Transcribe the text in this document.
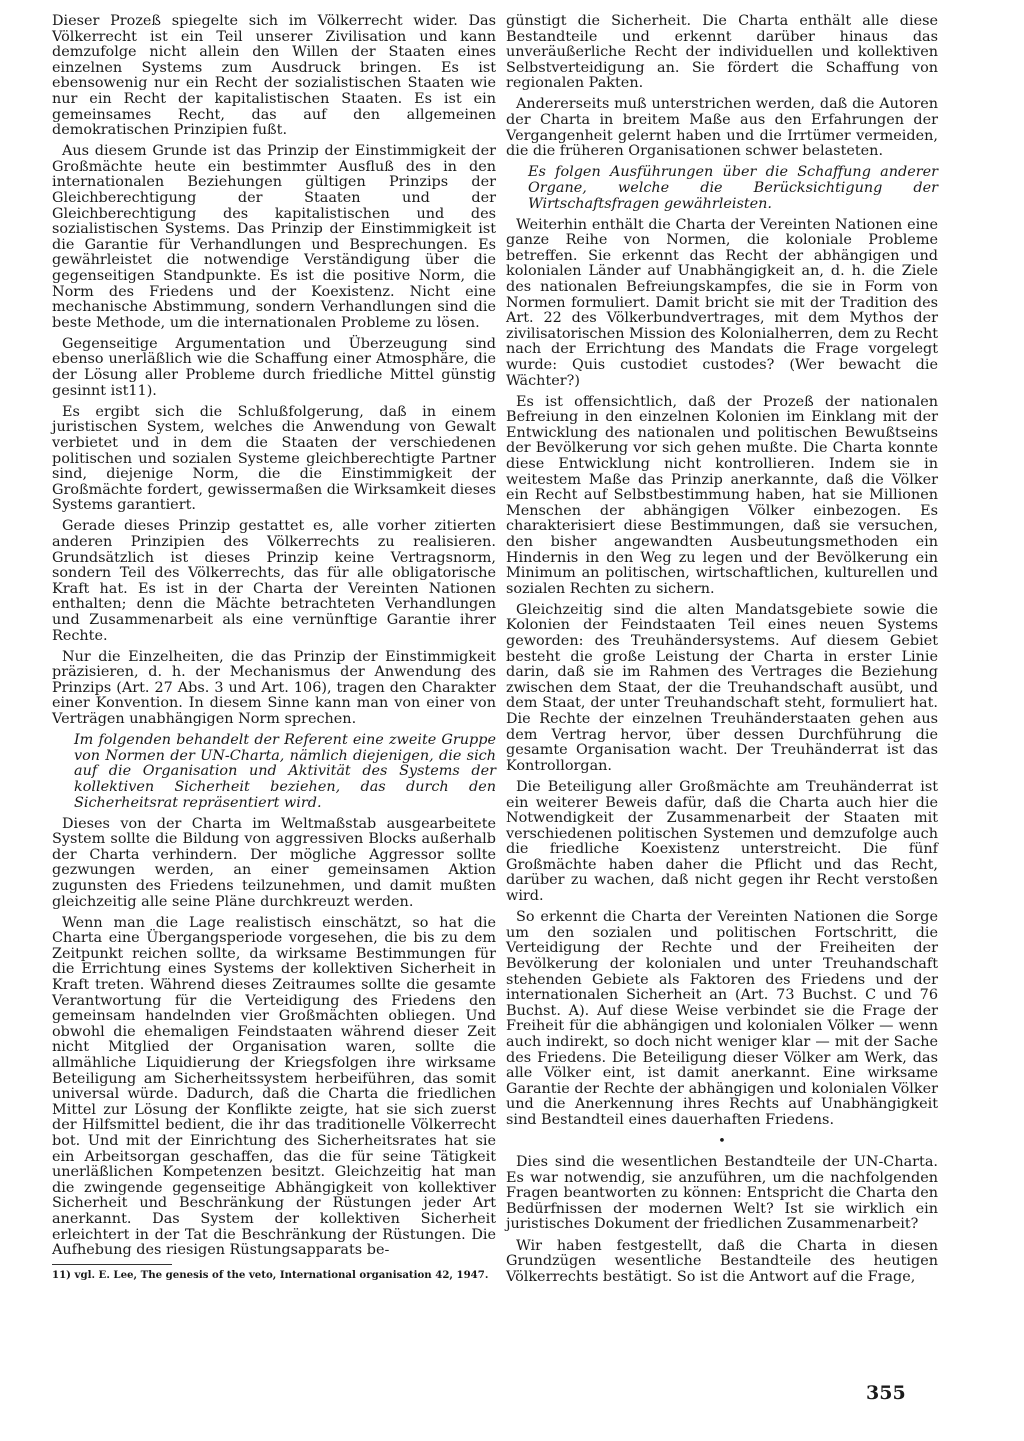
Dieser Prozeß spiegelte sich im Völkerrecht wider. Das Völkerrecht ist ein Teil unserer Zivilisation und kann demzufolge nicht allein den Willen der Staaten eines einzelnen Systems zum Ausdruck bringen. Es ist ebensowenig nur ein Recht der sozialistischen Staaten wie nur ein Recht der kapitalistischen Staaten. Es ist ein gemeinsames Recht, das auf den allgemeinen demokratischen Prinzipien fußt.

Aus diesem Grunde ist das Prinzip der Einstimmigkeit der Großmächte heute ein bestimmter Ausfluß des in den internationalen Beziehungen gültigen Prinzips der Gleichberechtigung der Staaten und der Gleichberechtigung des kapitalistischen und des sozialistischen Systems. Das Prinzip der Einstimmigkeit ist die Garantie für Verhandlungen und Besprechungen. Es gewährleistet die notwendige Verständigung über die gegenseitigen Standpunkte. Es ist die positive Norm, die Norm des Friedens und der Koexistenz. Nicht eine mechanische Abstimmung, sondern Verhandlungen sind die beste Methode, um die internationalen Probleme zu lösen.

Gegenseitige Argumentation und Überzeugung sind ebenso unerläßlich wie die Schaffung einer Atmosphäre, die der Lösung aller Probleme durch friedliche Mittel günstig gesinnt ist11).

Es ergibt sich die Schlußfolgerung, daß in einem juristischen System, welches die Anwendung von Gewalt verbietet und in dem die Staaten der verschiedenen politischen und sozialen Systeme gleichberechtigte Partner sind, diejenige Norm, die die Einstimmigkeit der Großmächte fordert, gewissermaßen die Wirksamkeit dieses Systems garantiert.

Gerade dieses Prinzip gestattet es, alle vorher zitierten anderen Prinzipien des Völkerrechts zu realisieren. Grundsätzlich ist dieses Prinzip keine Vertragsnorm, sondern Teil des Völkerrechts, das für alle obligatorische Kraft hat. Es ist in der Charta der Vereinten Nationen enthalten; denn die Mächte betrachteten Verhandlungen und Zusammenarbeit als eine vernünftige Garantie ihrer Rechte.

Nur die Einzelheiten, die das Prinzip der Einstimmigkeit präzisieren, d. h. der Mechanismus der Anwendung des Prinzips (Art. 27 Abs. 3 und Art. 106), tragen den Charakter einer Konvention. In diesem Sinne kann man von einer von Verträgen unabhängigen Norm sprechen.

Im folgenden behandelt der Referent eine zweite Gruppe von Normen der UN-Charta, nämlich diejenigen, die sich auf die Organisation und Aktivität des Systems der kollektiven Sicherheit beziehen, das durch den Sicherheitsrat repräsentiert wird.

Dieses von der Charta im Weltmaßstab ausgearbeitete System sollte die Bildung von aggressiven Blocks außerhalb der Charta verhindern. Der mögliche Aggressor sollte gezwungen werden, an einer gemeinsamen Aktion zugunsten des Friedens teilzunehmen, und damit mußten gleichzeitig alle seine Pläne durchkreuzt werden.

Wenn man die Lage realistisch einschätzt, so hat die Charta eine Übergangsperiode vorgesehen, die bis zu dem Zeitpunkt reichen sollte, da wirksame Bestimmungen für die Errichtung eines Systems der kollektiven Sicherheit in Kraft treten. Während dieses Zeitraumes sollte die gesamte Verantwortung für die Verteidigung des Friedens den gemeinsam handelnden vier Großmächten obliegen. Und obwohl die ehemaligen Feindstaaten während dieser Zeit nicht Mitglied der Organisation waren, sollte die allmähliche Liquidierung der Kriegsfolgen ihre wirksame Beteiligung am Sicherheitssystem herbeiführen, das somit universal würde. Dadurch, daß die Charta die friedlichen Mittel zur Lösung der Konflikte zeigte, hat sie sich zuerst der Hilfsmittel bedient, die ihr das traditionelle Völkerrecht bot. Und mit der Einrichtung des Sicherheitsrates hat sie ein Arbeitsorgan geschaffen, das die für seine Tätigkeit unerläßlichen Kompetenzen besitzt. Gleichzeitig hat man die zwingende gegenseitige Abhängigkeit von kollektiver Sicherheit und Beschränkung der Rüstungen jeder Art anerkannt. Das System der kollektiven Sicherheit erleichtert in der Tat die Beschränkung der Rüstungen. Die Aufhebung des riesigen Rüstungsapparats be-

11) vgl. E. Lee, The genesis of the veto, International organisation 42, 1947.

günstigt die Sicherheit. Die Charta enthält alle diese Bestandteile und erkennt darüber hinaus das unveräußerliche Recht der individuellen und kollektiven Selbstverteidigung an. Sie fördert die Schaffung von regionalen Pakten.

Andererseits muß unterstrichen werden, daß die Autoren der Charta in breitem Maße aus den Erfahrungen der Vergangenheit gelernt haben und die Irrtümer vermeiden, die die früheren Organisationen schwer belasteten.

Es folgen Ausführungen über die Schaffung anderer Organe, welche die Berücksichtigung der Wirtschaftsfragen gewährleisten.

Weiterhin enthält die Charta der Vereinten Nationen eine ganze Reihe von Normen, die koloniale Probleme betreffen. Sie erkennt das Recht der abhängigen und kolonialen Länder auf Unabhängigkeit an, d. h. die Ziele des nationalen Befreiungskampfes, die sie in Form von Normen formuliert. Damit bricht sie mit der Tradition des Art. 22 des Völkerbundvertrages, mit dem Mythos der zivilisatorischen Mission des Kolonialherren, dem zu Recht nach der Errichtung des Mandats die Frage vorgelegt wurde: Quis custodiet custodes? (Wer bewacht die Wächter?)

Es ist offensichtlich, daß der Prozeß der nationalen Befreiung in den einzelnen Kolonien im Einklang mit der Entwicklung des nationalen und politischen Bewußtseins der Bevölkerung vor sich gehen mußte. Die Charta konnte diese Entwicklung nicht kontrollieren. Indem sie in weitestem Maße das Prinzip anerkannte, daß die Völker ein Recht auf Selbstbestimmung haben, hat sie Millionen Menschen der abhängigen Völker einbezogen. Es charakterisiert diese Bestimmungen, daß sie versuchen, den bisher angewandten Ausbeutungsmethoden ein Hindernis in den Weg zu legen und der Bevölkerung ein Minimum an politischen, wirtschaftlichen, kulturellen und sozialen Rechten zu sichern.

Gleichzeitig sind die alten Mandatsgebiete sowie die Kolonien der Feindstaaten Teil eines neuen Systems geworden: des Treuhändersystems. Auf diesem Gebiet besteht die große Leistung der Charta in erster Linie darin, daß sie im Rahmen des Vertrages die Beziehung zwischen dem Staat, der die Treuhandschaft ausübt, und dem Staat, der unter Treuhandschaft steht, formuliert hat. Die Rechte der einzelnen Treuhänderstaaten gehen aus dem Vertrag hervor, über dessen Durchführung die gesamte Organisation wacht. Der Treuhänderrat ist das Kontrollorgan.

Die Beteiligung aller Großmächte am Treuhänderrat ist ein weiterer Beweis dafür, daß die Charta auch hier die Notwendigkeit der Zusammenarbeit der Staaten mit verschiedenen politischen Systemen und demzufolge auch die friedliche Koexistenz unterstreicht. Die fünf Großmächte haben daher die Pflicht und das Recht, darüber zu wachen, daß nicht gegen ihr Recht verstoßen wird.

So erkennt die Charta der Vereinten Nationen die Sorge um den sozialen und politischen Fortschritt, die Verteidigung der Rechte und der Freiheiten der Bevölkerung der kolonialen und unter Treuhandschaft stehenden Gebiete als Faktoren des Friedens und der internationalen Sicherheit an (Art. 73 Buchst. C und 76 Buchst. A). Auf diese Weise verbindet sie die Frage der Freiheit für die abhängigen und kolonialen Völker — wenn auch indirekt, so doch nicht weniger klar — mit der Sache des Friedens. Die Beteiligung dieser Völker am Werk, das alle Völker eint, ist damit anerkannt. Eine wirksame Garantie der Rechte der abhängigen und kolonialen Völker und die Anerkennung ihres Rechts auf Unabhängigkeit sind Bestandteil eines dauerhaften Friedens.

•

Dies sind die wesentlichen Bestandteile der UN-Charta. Es war notwendig, sie anzuführen, um die nachfolgenden Fragen beantworten zu können: Entspricht die Charta den Bedürfnissen der modernen Welt? Ist sie wirklich ein juristisches Dokument der friedlichen Zusammenarbeit?

Wir haben festgestellt, daß die Charta in diesen Grundzügen wesentliche Bestandteile des heutigen Völkerrechts bestätigt. So ist die Antwort auf die Frage,

355
